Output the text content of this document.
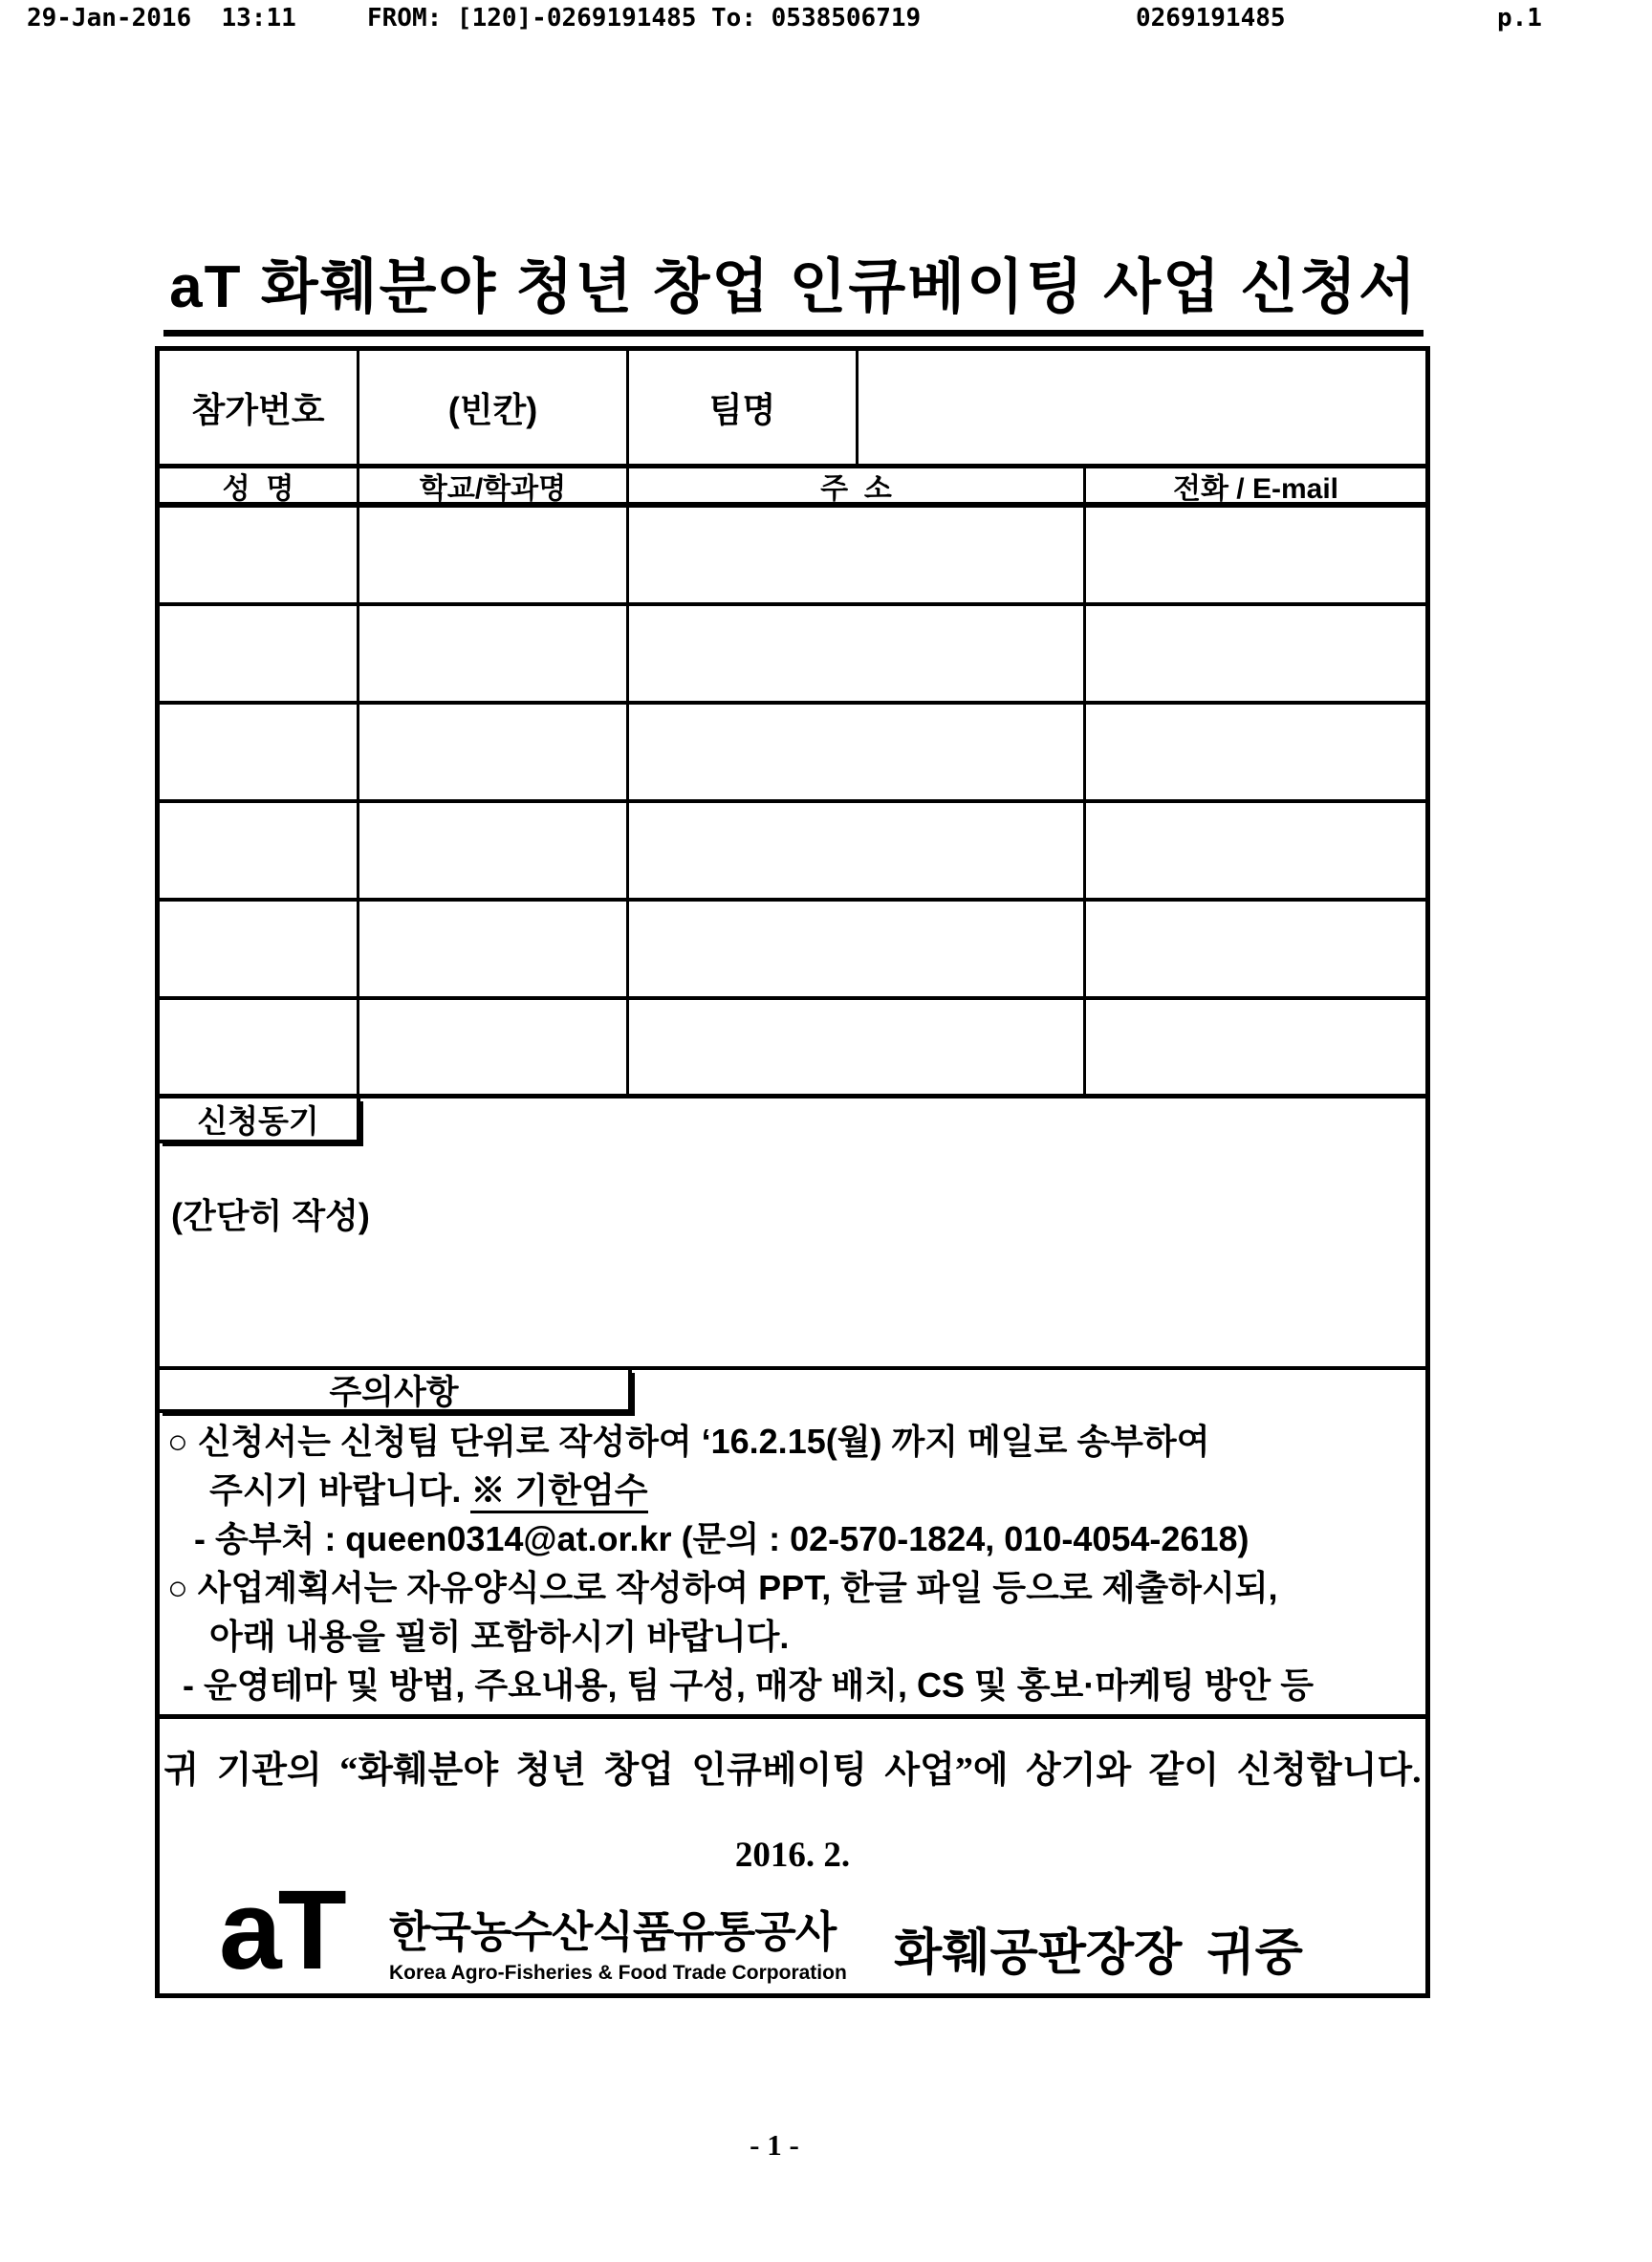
29-Jan-2016  13:11	FROM: [120]-0269191485 To: 0538506719	0269191485	p.1
aT 화훼분야 청년 창업 인큐베이팅 사업 신청서
참가번호	(빈칸)	팀명
성  명	학교/학과명	주  소	전화 / E-mail
신청동기
(간단히 작성)
주의사항
○ 신청서는 신청팀 단위로 작성하여 ‘16.2.15(월) 까지 메일로 송부하여
주시기 바랍니다. ※ 기한엄수
- 송부처 : queen0314@at.or.kr (문의 : 02-570-1824, 010-4054-2618)
○ 사업계획서는 자유양식으로 작성하여 PPT, 한글 파일 등으로 제출하시되,
아래 내용을 필히 포함하시기 바랍니다.
- 운영테마 및 방법, 주요내용, 팀 구성, 매장 배치, CS 및 홍보·마케팅 방안 등
귀 기관의 “화훼분야 청년 창업 인큐베이팅 사업”에 상기와 같이 신청합니다.
2016. 2.
aT 한국농수산식품유통공사
Korea Agro-Fisheries & Food Trade Corporation 화훼공판장장  귀중
- 1 -
